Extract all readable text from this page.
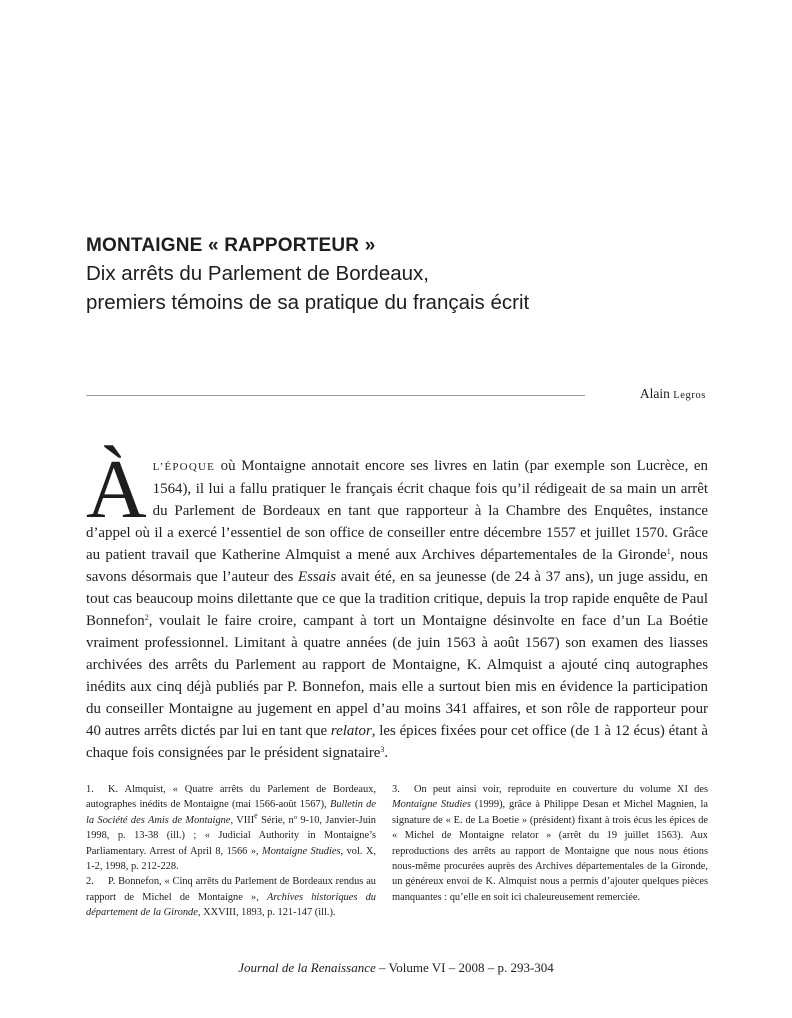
MONTAIGNE « RAPPORTEUR »
Dix arrêts du Parlement de Bordeaux,
premiers témoins de sa pratique du français écrit
Alain Legros

ÀL’ÉPOQUE où Montaigne annotait encore ses livres en latin (par exemple son Lucrèce, en 1564), il lui a fallu pratiquer le français écrit chaque fois qu’il rédigeait de sa main un arrêt du Parlement de Bordeaux en tant que rapporteur à la Chambre des Enquêtes, instance d’appel où il a exercé l’essentiel de son office de conseiller entre décembre 1557 et juillet 1570. Grâce au patient travail que Katherine Almquist a mené aux Archives départementales de la Gironde$^1$, nous savons désormais que l’auteur des Essais avait été, en sa jeunesse (de 24 à 37 ans), un juge assidu, en tout cas beaucoup moins dilettante que ce que la tradition critique, depuis la trop rapide enquête de Paul Bonnefon$^2$, voulait le faire croire, campant à tort un Montaigne désinvolte en face d’un La Boétie vraiment professionnel. Limitant à quatre années (de juin 1563 à août 1567) son examen des liasses archivées des arrêts du Parlement au rapport de Montaigne, K. Almquist a ajouté cinq autographes inédits aux cinq déjà publiés par P. Bonnefon, mais elle a surtout bien mis en évidence la participation du conseiller Montaigne au jugement en appel d’au moins 341 affaires, et son rôle de rapporteur pour 40 autres arrêts dictés par lui en tant que relator, les épices fixées pour cet office (de 1 à 12 écus) étant à chaque fois consignées par le président signataire$^3$.

1. K. Almquist, « Quatre arrêts du Parlement de Bordeaux, autographes inédits de Montaigne (mai 1566-août 1567), Bulletin de la Société des Amis de Montaigne, VIIIe Série, nº 9-10, Janvier-Juin 1998, p. 13-38 (ill.) ; « Judicial Authority in Montaigne’s Parliamentary. Arrest of April 8, 1566 », Montaigne Studies, vol. X, 1-2, 1998, p. 212-228.

2. P. Bonnefon, « Cinq arrêts du Parlement de Bordeaux rendus au rapport de Michel de Montaigne », Archives historiques du département de la Gironde, XXVIII, 1893, p. 121-147 (ill.).

3. On peut ainsi voir, reproduite en couverture du volume XI des Montaigne Studies (1999), grâce à Philippe Desan et Michel Magnien, la signature de « E. de La Boetie » (président) fixant à trois écus les épices de « Michel de Montaigne relator » (arrêt du 19 juillet 1563). Aux reproductions des arrêts au rapport de Montaigne que nous nous étions nous-même procurées auprès des Archives départementales de la Gironde, un généreux envoi de K. Almquist nous a permis d’ajouter quelques pièces manquantes : qu’elle en soit ici chaleureusement remerciée.

Journal de la Renaissance – Volume VI – 2008 – p. 293-304
